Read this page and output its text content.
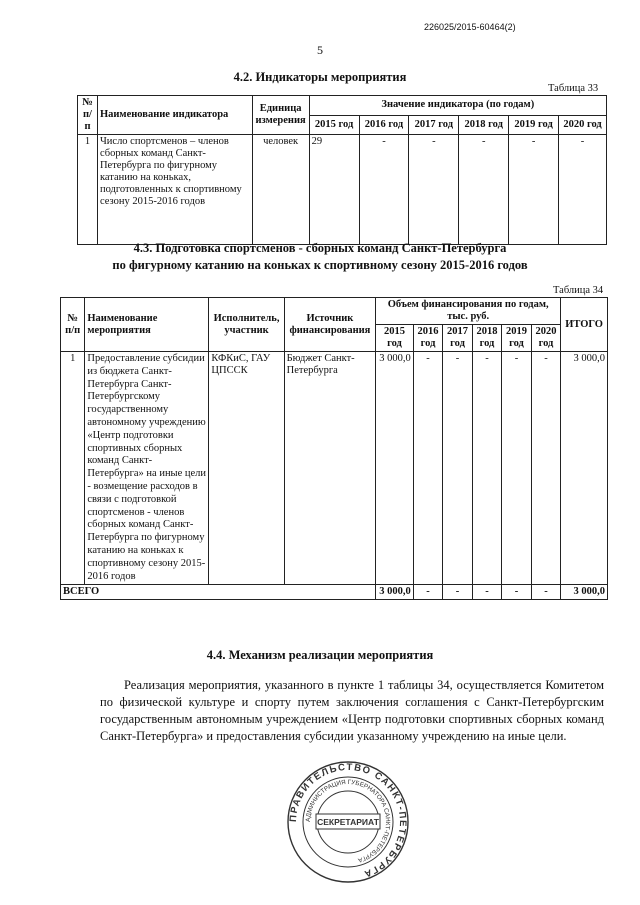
226025/2015-60464(2)
5
4.2. Индикаторы мероприятия
Таблица 33
№ п/п	Наименование индикатора	Единица измерения	Значение индикатора (по годам)					
			2015 год	2016 год	2017 год	2018 год	2019 год	2020 год
1	Число спортсменов – членов сборных команд Санкт-Петербурга по фигурному катанию на коньках, подготовленных к спортивному сезону 2015-2016 годов	человек	29	-	-	-	-	-
4.3. Подготовка спортсменов - сборных команд Санкт-Петербурга
по фигурному катанию на коньках к спортивному сезону 2015-2016 годов
Таблица 34
№ п/п	Наименование мероприятия	Исполнитель, участник	Источник финансирования	Объем финансирования по годам, тыс. руб.						ИТОГО
				2015 год	2016 год	2017 год	2018 год	2019 год	2020 год	
1	Предоставление субсидии из бюджета Санкт-Петербурга Санкт-Петербургскому государственному автономному учреждению «Центр подготовки спортивных сборных команд Санкт-Петербурга» на иные цели - возмещение расходов в связи с подготовкой спортсменов - членов сборных команд Санкт-Петербурга по фигурному катанию на коньках к спортивному сезону 2015-2016 годов	КФКиС, ГАУ ЦПССК	Бюджет Санкт-Петербурга	3 000,0	-	-	-	-	-	3 000,0
ВСЕГО				3 000,0	-	-	-	-	-	3 000,0
4.4. Механизм реализации мероприятия
Реализация мероприятия, указанного в пункте 1 таблицы 34, осуществляется Комитетом по физической культуре и спорту путем заключения соглашения с Санкт-Петербургским государственным автономным учреждением «Центр подготовки спортивных сборных команд Санкт-Петербурга» и предоставления субсидии указанному учреждению на иные цели.
ПРАВИТЕЛЬСТВО САНКТ-ПЕТЕРБУРГА
АДМИНИСТРАЦИЯ ГУБЕРНАТОРА САНКТ-ПЕТЕРБУРГА
СЕКРЕТАРИАТ
